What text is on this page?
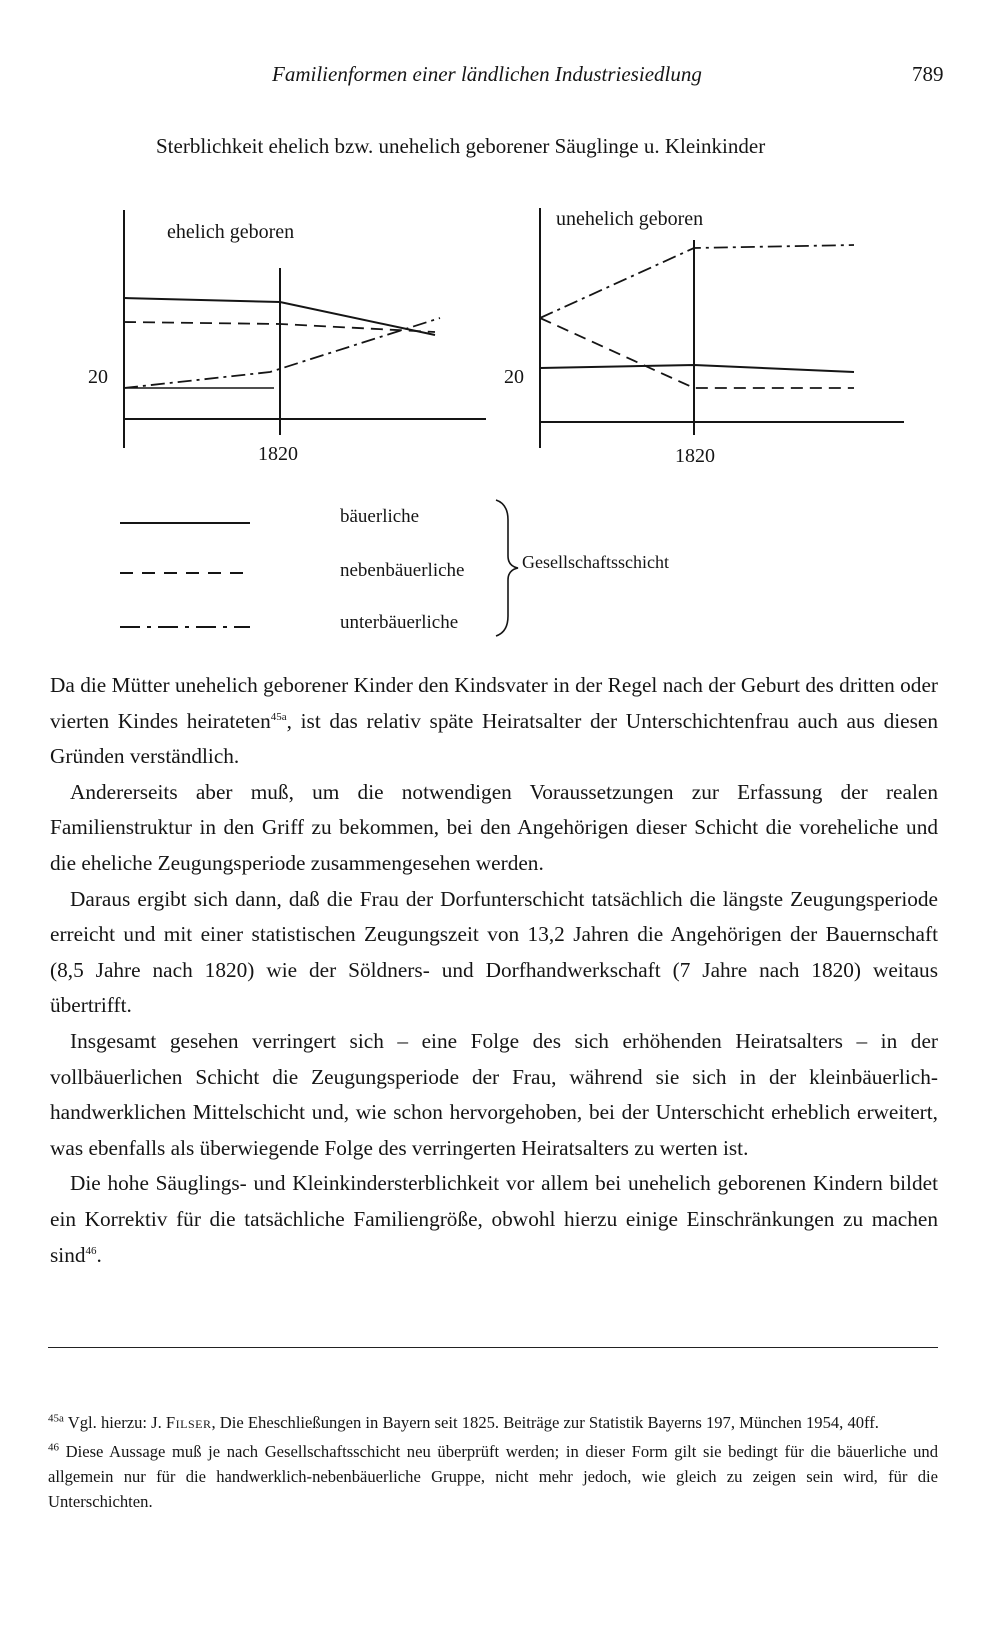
Familienformen einer ländlichen Industriesiedlung	789
Sterblichkeit ehelich bzw. unehelich geborener Säuglinge u. Kleinkinder
ehelich geboren
20
1820
unehelich geboren
20
1820
bäuerliche
nebenbäuerliche
unterbäuerliche
Gesellschaftsschicht

Da die Mütter unehelich geborener Kinder den Kindsvater in der Regel nach der Geburt des dritten oder vierten Kindes heirateten$^{45a}$, ist das relativ späte Heiratsalter der Unterschichtenfrau auch aus diesen Gründen verständlich.

Andererseits aber muß, um die notwendigen Voraussetzungen zur Erfassung der realen Familienstruktur in den Griff zu bekommen, bei den Angehörigen dieser Schicht die voreheliche und die eheliche Zeugungsperiode zusammengesehen werden.

Daraus ergibt sich dann, daß die Frau der Dorfunterschicht tatsächlich die längste Zeugungsperiode erreicht und mit einer statistischen Zeugungszeit von 13,2 Jahren die Angehörigen der Bauernschaft (8,5 Jahre nach 1820) wie der Söldners- und Dorfhandwerkschaft (7 Jahre nach 1820) weitaus übertrifft.

Insgesamt gesehen verringert sich – eine Folge des sich erhöhenden Heiratsalters – in der vollbäuerlichen Schicht die Zeugungsperiode der Frau, während sie sich in der kleinbäuerlich-handwerklichen Mittelschicht und, wie schon hervorgehoben, bei der Unterschicht erheblich erweitert, was ebenfalls als überwiegende Folge des verringerten Heiratsalters zu werten ist.

Die hohe Säuglings- und Kleinkindersterblichkeit vor allem bei unehelich geborenen Kindern bildet ein Korrektiv für die tatsächliche Familiengröße, obwohl hierzu einige Einschränkungen zu machen sind$^{46}$.

$^{45a}$ Vgl. hierzu: J. Filser, Die Eheschließungen in Bayern seit 1825. Beiträge zur Statistik Bayerns 197, München 1954, 40ff.

$^{46}$ Diese Aussage muß je nach Gesellschaftsschicht neu überprüft werden; in dieser Form gilt sie bedingt für die bäuerliche und allgemein nur für die handwerklich-nebenbäuerliche Gruppe, nicht mehr jedoch, wie gleich zu zeigen sein wird, für die Unterschichten.
